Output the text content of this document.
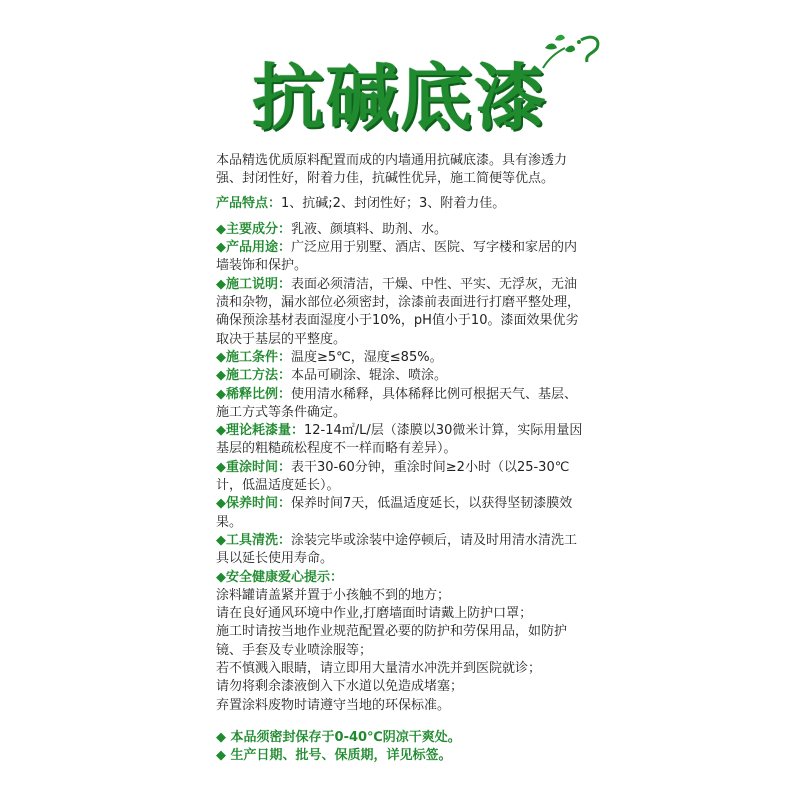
抗碱底漆

本品精选优质原料配置而成的内墙通用抗碱底漆。具有渗透力强、封闭性好，附着力佳，抗碱性优异，施工简便等优点。

产品特点：1、抗碱;2、封闭性好；3、附着力佳。

◆主要成分：乳液、颜填料、助剂、水。

◆产品用途：广泛应用于别墅、酒店、医院、写字楼和家居的内墙装饰和保护。

◆施工说明：表面必须清洁，干燥、中性、平实、无浮灰，无油渍和杂物，漏水部位必须密封，涂漆前表面进行打磨平整处理，确保预涂基材表面湿度小于10%，pH值小于10。漆面效果优劣取决于基层的平整度。

◆施工条件：温度≥5℃，湿度≤85%。

◆施工方法：本品可刷涂、辊涂、喷涂。

◆稀释比例：使用清水稀释，具体稀释比例可根据天气、基层、施工方式等条件确定。

◆理论耗漆量：12-14㎡/L/层（漆膜以30微米计算，实际用量因基层的粗糙疏松程度不一样而略有差异）。

◆重涂时间：表干30-60分钟，重涂时间≥2小时（以25-30℃计，低温适度延长）。

◆保养时间：保养时间7天，低温适度延长，以获得坚韧漆膜效果。

◆工具清洗：涂装完毕或涂装中途停顿后，请及时用清水清洗工具以延长使用寿命。

◆安全健康爱心提示：

涂料罐请盖紧并置于小孩触不到的地方；

请在良好通风环境中作业,打磨墙面时请戴上防护口罩；

施工时请按当地作业规范配置必要的防护和劳保用品，如防护镜、手套及专业喷涂服等；

若不慎溅入眼睛，请立即用大量清水冲洗并到医院就诊；

请勿将剩余漆液倒入下水道以免造成堵塞；

弃置涂料废物时请遵守当地的环保标准。

◆ 本品须密封保存于0-40℃阴凉干爽处。

◆ 生产日期、批号、保质期，详见标签。
